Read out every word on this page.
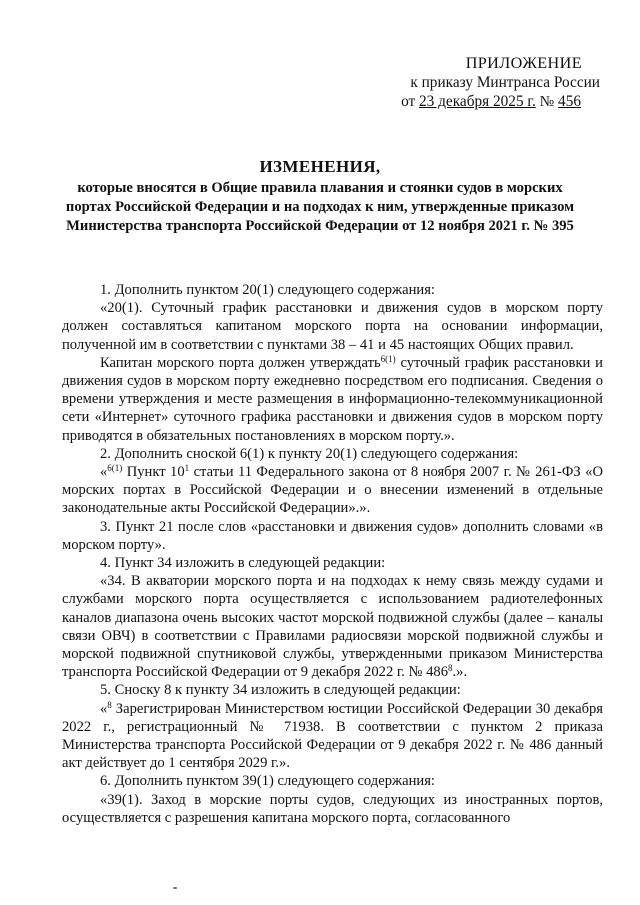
ПРИЛОЖЕНИЕ
к приказу Минтранса России
от 23 декабря 2025 г. № 456
ИЗМЕНЕНИЯ,
которые вносятся в Общие правила плавания и стоянки судов в морских портах Российской Федерации и на подходах к ним, утвержденные приказом Министерства транспорта Российской Федерации от 12 ноября 2021 г. № 395

1. Дополнить пунктом 20(1) следующего содержания:

«20(1). Суточный график расстановки и движения судов в морском порту должен составляться капитаном морского порта на основании информации, полученной им в соответствии с пунктами 38 – 41 и 45 настоящих Общих правил.

Капитан морского порта должен утверждать$^{6(1)}$ суточный график расстановки и движения судов в морском порту ежедневно посредством его подписания. Сведения о времени утверждения и месте размещения в информационно-телекоммуникационной сети «Интернет» суточного графика расстановки и движения судов в морском порту приводятся в обязательных постановлениях в морском порту.».

2. Дополнить сноской 6(1) к пункту 20(1) следующего содержания:

«$^{6(1)}$ Пункт $10^1$ статьи 11 Федерального закона от 8 ноября 2007 г. № 261-ФЗ «О морских портах в Российской Федерации и о внесении изменений в отдельные законодательные акты Российской Федерации».».

3. Пункт 21 после слов «расстановки и движения судов» дополнить словами «в морском порту».

4. Пункт 34 изложить в следующей редакции:

«34. В акватории морского порта и на подходах к нему связь между судами и службами морского порта осуществляется с использованием радиотелефонных каналов диапазона очень высоких частот морской подвижной службы (далее – каналы связи ОВЧ) в соответствии с Правилами радиосвязи морской подвижной службы и морской подвижной спутниковой службы, утвержденными приказом Министерства транспорта Российской Федерации от 9 декабря 2022 г. № $486^8$.».

5. Сноску 8 к пункту 34 изложить в следующей редакции:

«$^8$ Зарегистрирован Министерством юстиции Российской Федерации 30 декабря 2022 г., регистрационный № 71938. В соответствии с пунктом 2 приказа Министерства транспорта Российской Федерации от 9 декабря 2022 г. № 486 данный акт действует до 1 сентября 2029 г.».

6. Дополнить пунктом 39(1) следующего содержания:

«39(1). Заход в морские порты судов, следующих из иностранных портов, осуществляется с разрешения капитана морского порта, согласованного
